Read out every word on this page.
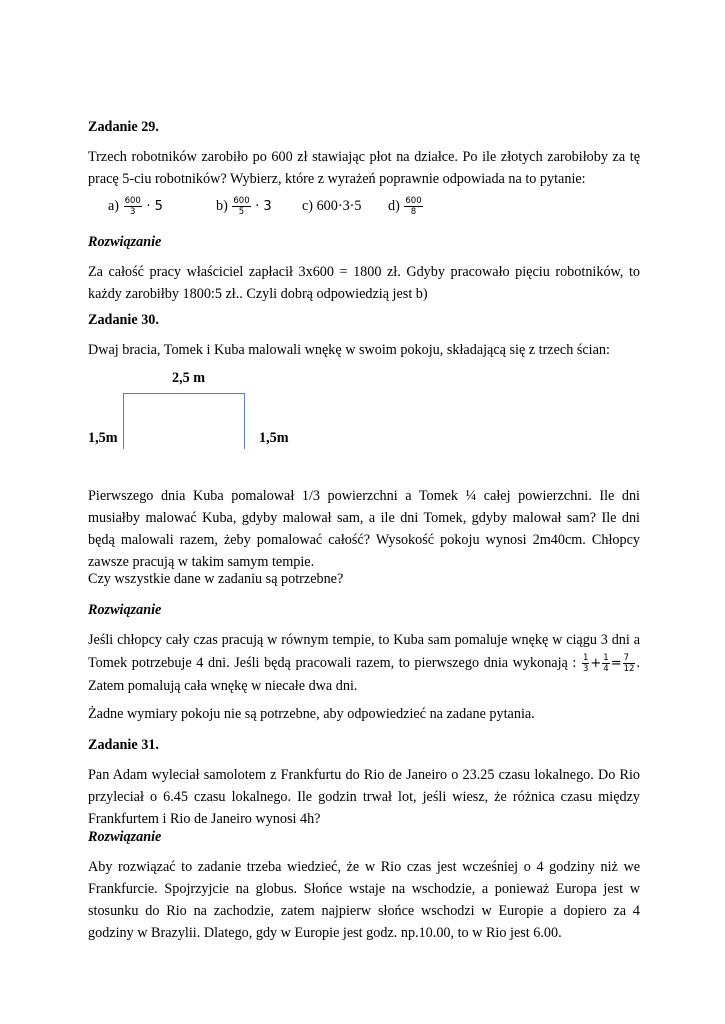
Zadanie 29.

Trzech robotników zarobiło po 600 zł stawiając płot na działce. Po ile złotych zarobiłoby za tę pracę 5-ciu robotników? Wybierz, które z wyrażeń poprawnie odpowiada na to pytanie:

$a) \frac{600}{3} \cdot 5$	$b) \frac{600}{5} \cdot 3$ c) 600·3·5 $d) \frac{600}{8}$

Rozwiązanie

Za całość pracy właściciel zapłacił 3x600 = 1800 zł. Gdyby pracowało pięciu robotników, to każdy zarobiłby 1800:5 zł.. Czyli dobrą odpowiedzią jest b)

Zadanie 30.

Dwaj bracia, Tomek i Kuba malowali wnękę w swoim pokoju, składającą się z trzech ścian:

2,5 m
1,5m	1,5m

Pierwszego dnia Kuba pomalował 1/3 powierzchni a Tomek ¼ całej powierzchni. Ile dni musiałby malować Kuba, gdyby malował sam, a ile dni Tomek, gdyby malował sam? Ile dni będą malowali razem, żeby pomalować całość? Wysokość pokoju wynosi 2m40cm. Chłopcy zawsze pracują w takim samym tempie.

Czy wszystkie dane w zadaniu są potrzebne?

Rozwiązanie

Jeśli chłopcy cały czas pracują w równym tempie, to Kuba sam pomaluje wnękę w ciągu 3 dni a Tomek potrzebuje 4 dni. Jeśli będą pracowali razem, to pierwszego dnia wykonają : $\frac{1}{3} + \frac{1}{4} = \frac{7}{12}$ . Zatem pomalują cała wnękę w niecałe dwa dni.

Żadne wymiary pokoju nie są potrzebne, aby odpowiedzieć na zadane pytania.

Zadanie 31.

Pan Adam wyleciał samolotem z Frankfurtu do Rio de Janeiro o 23.25 czasu lokalnego. Do Rio przyleciał o 6.45 czasu lokalnego. Ile godzin trwał lot, jeśli wiesz, że różnica czasu między Frankfurtem i Rio de Janeiro wynosi 4h?

Rozwiązanie

Aby rozwiązać to zadanie trzeba wiedzieć, że w Rio czas jest wcześniej o 4 godziny niż we Frankfurcie. Spojrzyjcie na globus. Słońce wstaje na wschodzie, a ponieważ Europa jest w stosunku do Rio na zachodzie, zatem najpierw słońce wschodzi w Europie a dopiero za 4 godziny w Brazylii. Dlatego, gdy w Europie jest godz. np.10.00, to w Rio jest 6.00.
